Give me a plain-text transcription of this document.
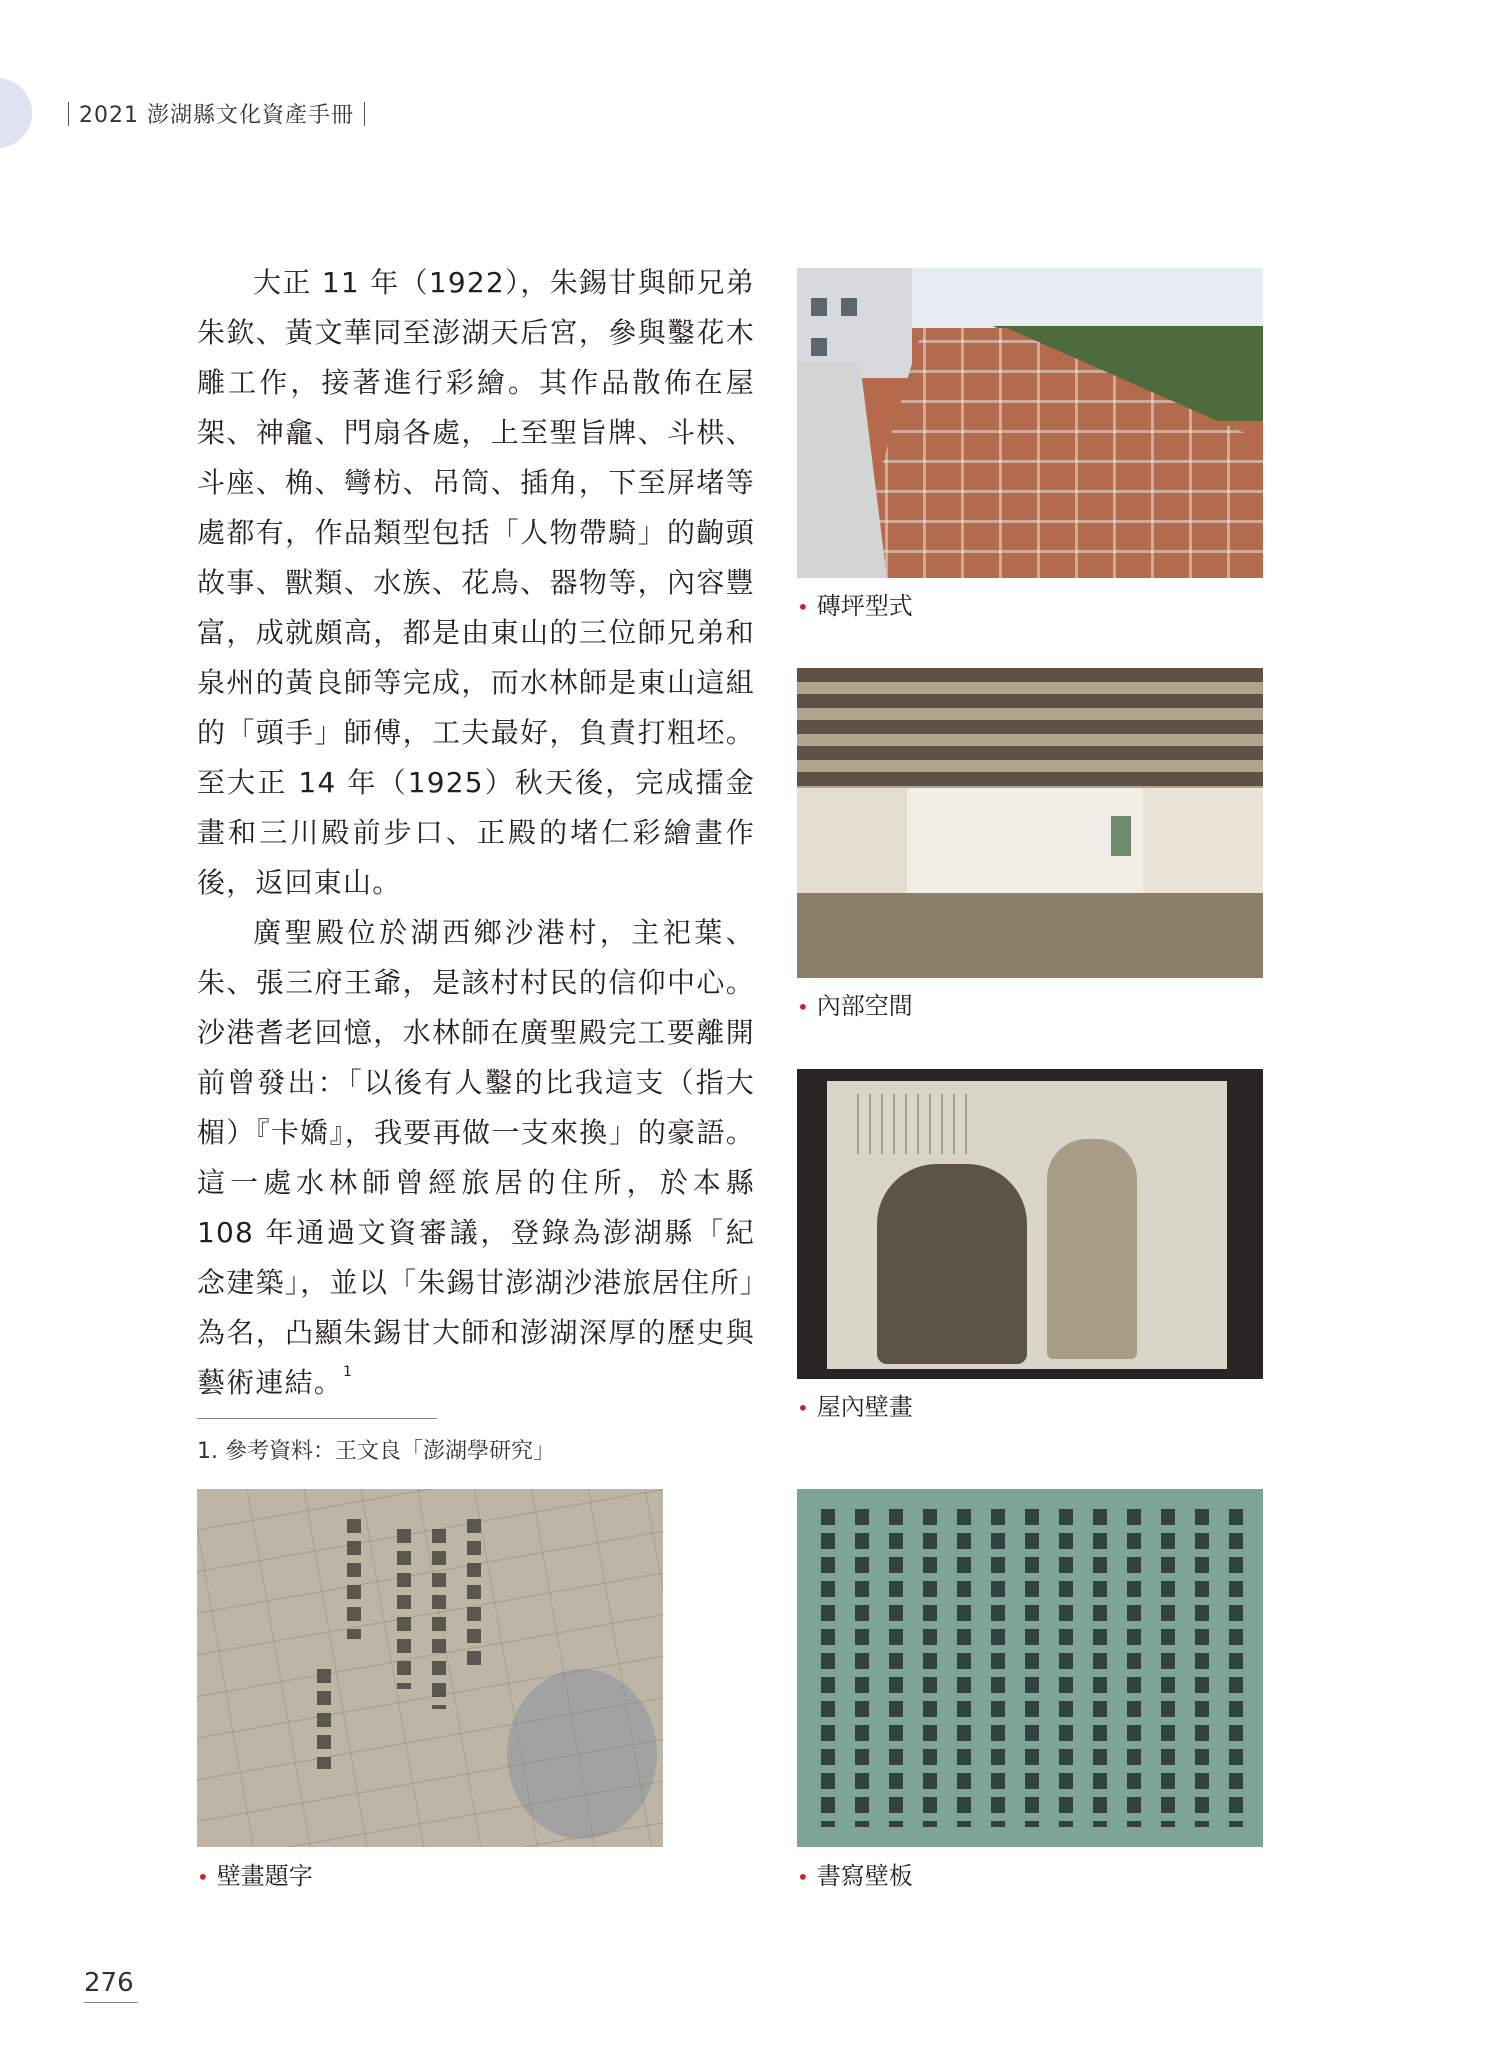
2021 澎湖縣文化資產手冊

大正 11 年（1922），朱錫甘與師兄弟朱欽、黃文華同至澎湖天后宮，參與鑿花木雕工作，接著進行彩繪。其作品散佈在屋架、神龕、門扇各處，上至聖旨牌、斗栱、斗座、桷、彎枋、吊筒、插角，下至屏堵等處都有，作品類型包括「人物帶騎」的齣頭故事、獸類、水族、花鳥、器物等，內容豐富，成就頗高，都是由東山的三位師兄弟和泉州的黃良師等完成，而水林師是東山這組的「頭手」師傅，工夫最好，負責打粗坯。至大正 14 年（1925）秋天後，完成擂金畫和三川殿前步口、正殿的堵仁彩繪畫作後，返回東山。

廣聖殿位於湖西鄉沙港村，主祀葉、朱、張三府王爺，是該村村民的信仰中心。沙港耆老回憶，水林師在廣聖殿完工要離開前曾發出：「以後有人鑿的比我這支（指大楣）『卡嬌』，我要再做一支來換」的豪語。這一處水林師曾經旅居的住所，於本縣 108 年通過文資審議，登錄為澎湖縣「紀念建築」，並以「朱錫甘澎湖沙港旅居住所」為名，凸顯朱錫甘大師和澎湖深厚的歷史與藝術連結。$^1$

1. 參考資料：王文良「澎湖學研究」
• 磚坪型式
• 內部空間
• 屋內壁畫
• 壁畫題字	• 書寫壁板
276
